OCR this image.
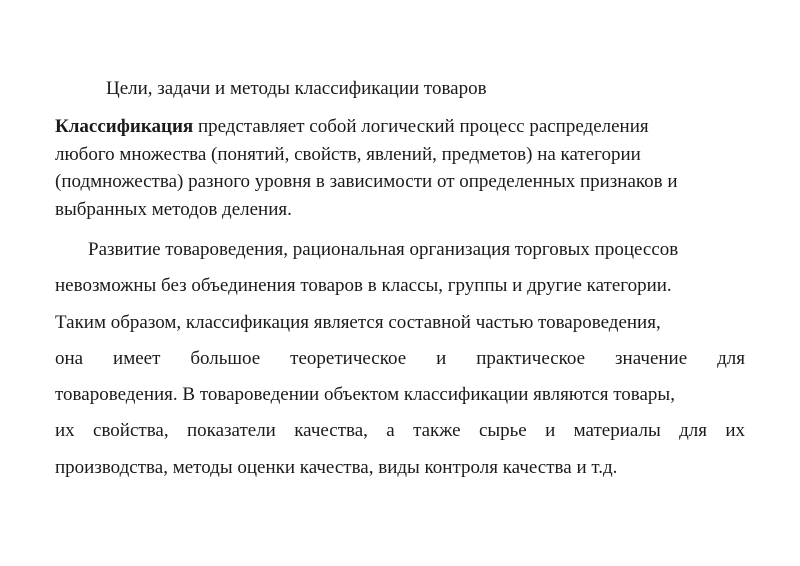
Цели, задачи и методы классификации товаров
Классификация представляет собой логический процесс распределения
любого множества (понятий, свойств, явлений, предметов) на категории
(подмножества) разного уровня в зависимости от определенных признаков и
выбранных методов деления.
Развитие товароведения, рациональная организация торговых процессов
невозможны без объединения товаров в классы, группы и другие категории.
Таким образом, классификация является составной частью товароведения,
она имеет большое теоретическое и практическое значение для
товароведения. В товароведении объектом классификации являются товары,
их свойства, показатели качества, а также сырье и материалы для их
производства, методы оценки качества, виды контроля качества и т.д.
